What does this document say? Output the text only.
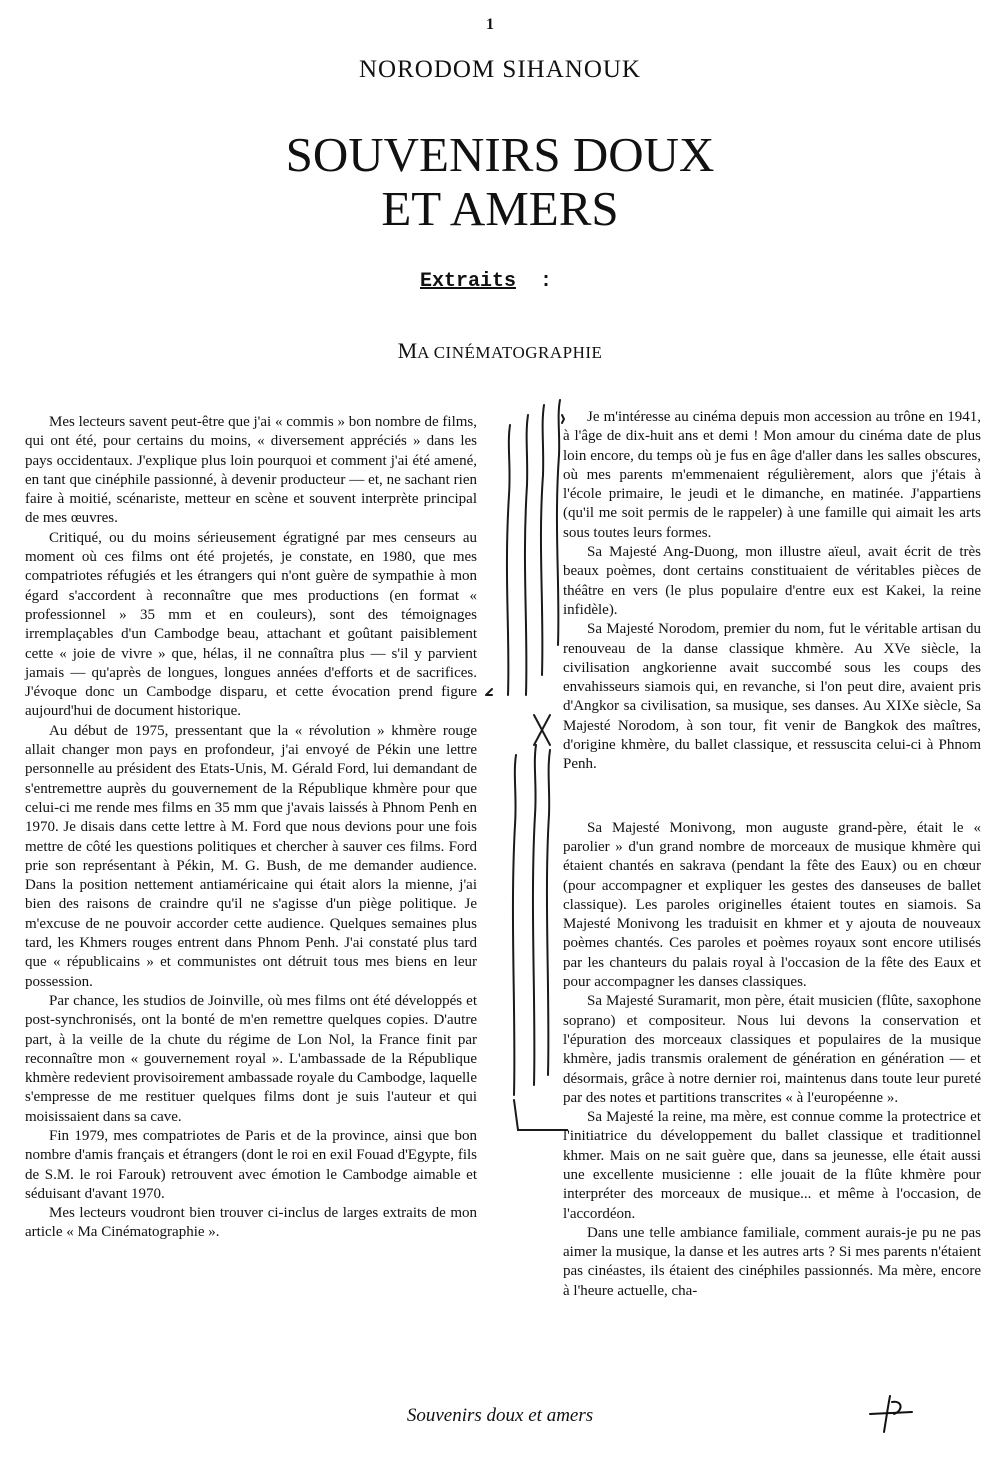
1
NORODOM SIHANOUK
SOUVENIRS DOUX
ET AMERS
Extraits :
MA CINÉMATOGRAPHIE

Mes lecteurs savent peut-être que j'ai « commis » bon nombre de films, qui ont été, pour certains du moins, « diversement appréciés » dans les pays occidentaux. J'explique plus loin pourquoi et comment j'ai été amené, en tant que cinéphile passionné, à devenir producteur — et, ne sachant rien faire à moitié, scénariste, metteur en scène et souvent interprète principal de mes œuvres.

Critiqué, ou du moins sérieusement égratigné par mes censeurs au moment où ces films ont été projetés, je constate, en 1980, que mes compatriotes réfugiés et les étrangers qui n'ont guère de sympathie à mon égard s'accordent à reconnaître que mes productions (en format « professionnel » 35 mm et en couleurs), sont des témoignages irremplaçables d'un Cambodge beau, attachant et goûtant paisiblement cette « joie de vivre » que, hélas, il ne connaîtra plus — s'il y parvient jamais — qu'après de longues, longues années d'efforts et de sacrifices. J'évoque donc un Cambodge disparu, et cette évocation prend figure aujourd'hui de document historique.

Au début de 1975, pressentant que la « révolution » khmère rouge allait changer mon pays en profondeur, j'ai envoyé de Pékin une lettre personnelle au président des Etats-Unis, M. Gérald Ford, lui demandant de s'entremettre auprès du gouvernement de la République khmère pour que celui-ci me rende mes films en 35 mm que j'avais laissés à Phnom Penh en 1970. Je disais dans cette lettre à M. Ford que nous devions pour une fois mettre de côté les questions politiques et chercher à sauver ces films. Ford prie son représentant à Pékin, M. G. Bush, de me demander audience. Dans la position nettement antiaméricaine qui était alors la mienne, j'ai bien des raisons de craindre qu'il ne s'agisse d'un piège politique. Je m'excuse de ne pouvoir accorder cette audience. Quelques semaines plus tard, les Khmers rouges entrent dans Phnom Penh. J'ai constaté plus tard que « républicains » et communistes ont détruit tous mes biens en leur possession.

Par chance, les studios de Joinville, où mes films ont été développés et post-synchronisés, ont la bonté de m'en remettre quelques copies. D'autre part, à la veille de la chute du régime de Lon Nol, la France finit par reconnaître mon « gouvernement royal ». L'ambassade de la République khmère redevient provisoirement ambassade royale du Cambodge, laquelle s'empresse de me restituer quelques films dont je suis l'auteur et qui moisissaient dans sa cave.

Fin 1979, mes compatriotes de Paris et de la province, ainsi que bon nombre d'amis français et étrangers (dont le roi en exil Fouad d'Egypte, fils de S.M. le roi Farouk) retrouvent avec émotion le Cambodge aimable et séduisant d'avant 1970.

Mes lecteurs voudront bien trouver ci-inclus de larges extraits de mon article « Ma Cinématographie ».

Je m'intéresse au cinéma depuis mon accession au trône en 1941, à l'âge de dix-huit ans et demi ! Mon amour du cinéma date de plus loin encore, du temps où je fus en âge d'aller dans les salles obscures, où mes parents m'emmenaient régulièrement, alors que j'étais à l'école primaire, le jeudi et le dimanche, en matinée. J'appartiens (qu'il me soit permis de le rappeler) à une famille qui aimait les arts sous toutes leurs formes.

Sa Majesté Ang-Duong, mon illustre aïeul, avait écrit de très beaux poèmes, dont certains constituaient de véritables pièces de théâtre en vers (le plus populaire d'entre eux est Kakei, la reine infidèle).

Sa Majesté Norodom, premier du nom, fut le véritable artisan du renouveau de la danse classique khmère. Au XVe siècle, la civilisation angkorienne avait succombé sous les coups des envahisseurs siamois qui, en revanche, si l'on peut dire, avaient pris d'Angkor sa civilisation, sa musique, ses danses. Au XIXe siècle, Sa Majesté Norodom, à son tour, fit venir de Bangkok des maîtres, d'origine khmère, du ballet classique, et ressuscita celui-ci à Phnom Penh.

Sa Majesté Monivong, mon auguste grand-père, était le « parolier » d'un grand nombre de morceaux de musique khmère qui étaient chantés en sakrava (pendant la fête des Eaux) ou en chœur (pour accompagner et expliquer les gestes des danseuses de ballet classique). Les paroles originelles étaient toutes en siamois. Sa Majesté Monivong les traduisit en khmer et y ajouta de nouveaux poèmes chantés. Ces paroles et poèmes royaux sont encore utilisés par les chanteurs du palais royal à l'occasion de la fête des Eaux et pour accompagner les danses classiques.

Sa Majesté Suramarit, mon père, était musicien (flûte, saxophone soprano) et compositeur. Nous lui devons la conservation et l'épuration des morceaux classiques et populaires de la musique khmère, jadis transmis oralement de génération en génération — et désormais, grâce à notre dernier roi, maintenus dans toute leur pureté par des notes et partitions transcrites « à l'européenne ».

Sa Majesté la reine, ma mère, est connue comme la protectrice et l'initiatrice du développement du ballet classique et traditionnel khmer. Mais on ne sait guère que, dans sa jeunesse, elle était aussi une excellente musicienne : elle jouait de la flûte khmère pour interpréter des morceaux de musique... et même à l'occasion, de l'accordéon.

Dans une telle ambiance familiale, comment aurais-je pu ne pas aimer la musique, la danse et les autres arts ? Si mes parents n'étaient pas cinéastes, ils étaient des cinéphiles passionnés. Ma mère, encore à l'heure actuelle, cha-

Souvenirs doux et amers
